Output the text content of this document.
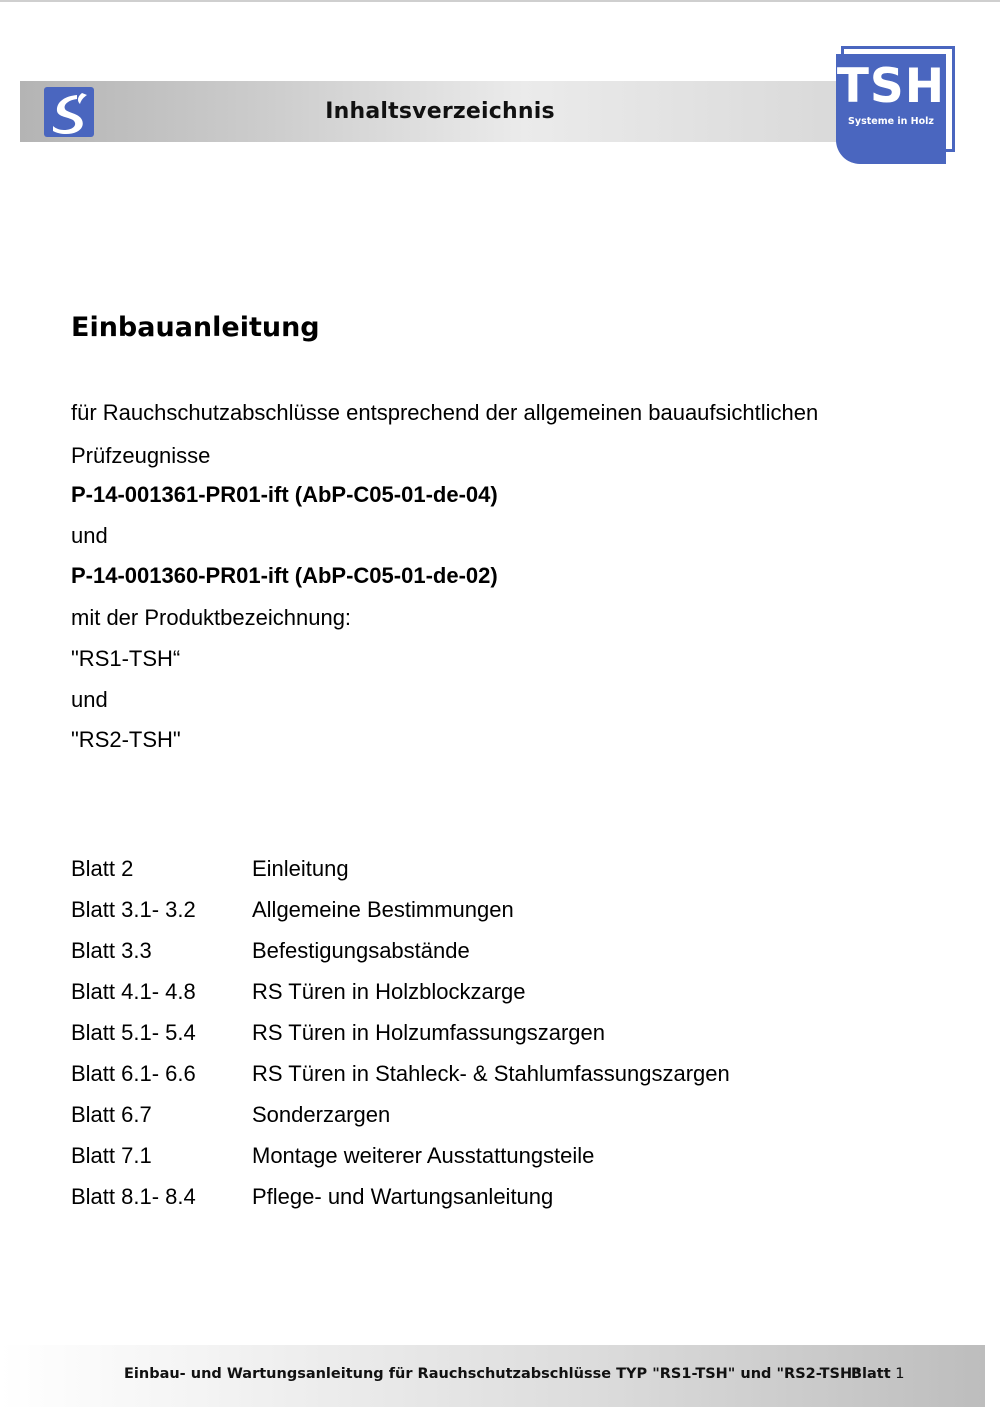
Inhaltsverzeichnis	TSH
Systeme in Holz
Einbauanleitung
für Rauchschutzabschlüsse entsprechend der allgemeinen bauaufsichtlichen
Prüfzeugnisse
P-14-001361-PR01-ift (AbP-C05-01-de-04)
und
P-14-001360-PR01-ift (AbP-C05-01-de-02)
mit der Produktbezeichnung:
"RS1-TSH“
und
"RS2-TSH"
Blatt 2	Einleitung
Blatt 3.1- 3.2	Allgemeine Bestimmungen
Blatt 3.3	Befestigungsabstände
Blatt 4.1- 4.8	RS Türen in Holzblockzarge
Blatt 5.1- 5.4	RS Türen in Holzumfassungszargen
Blatt 6.1- 6.6	RS Türen in Stahleck- & Stahlumfassungszargen
Blatt 6.7	Sonderzargen
Blatt 7.1	Montage weiterer Ausstattungsteile
Blatt 8.1- 8.4	Pflege- und Wartungsanleitung
Einbau- und Wartungsanleitung für Rauchschutzabschlüsse TYP "RS1-TSH" und "RS2-TSH"
Blatt 1
